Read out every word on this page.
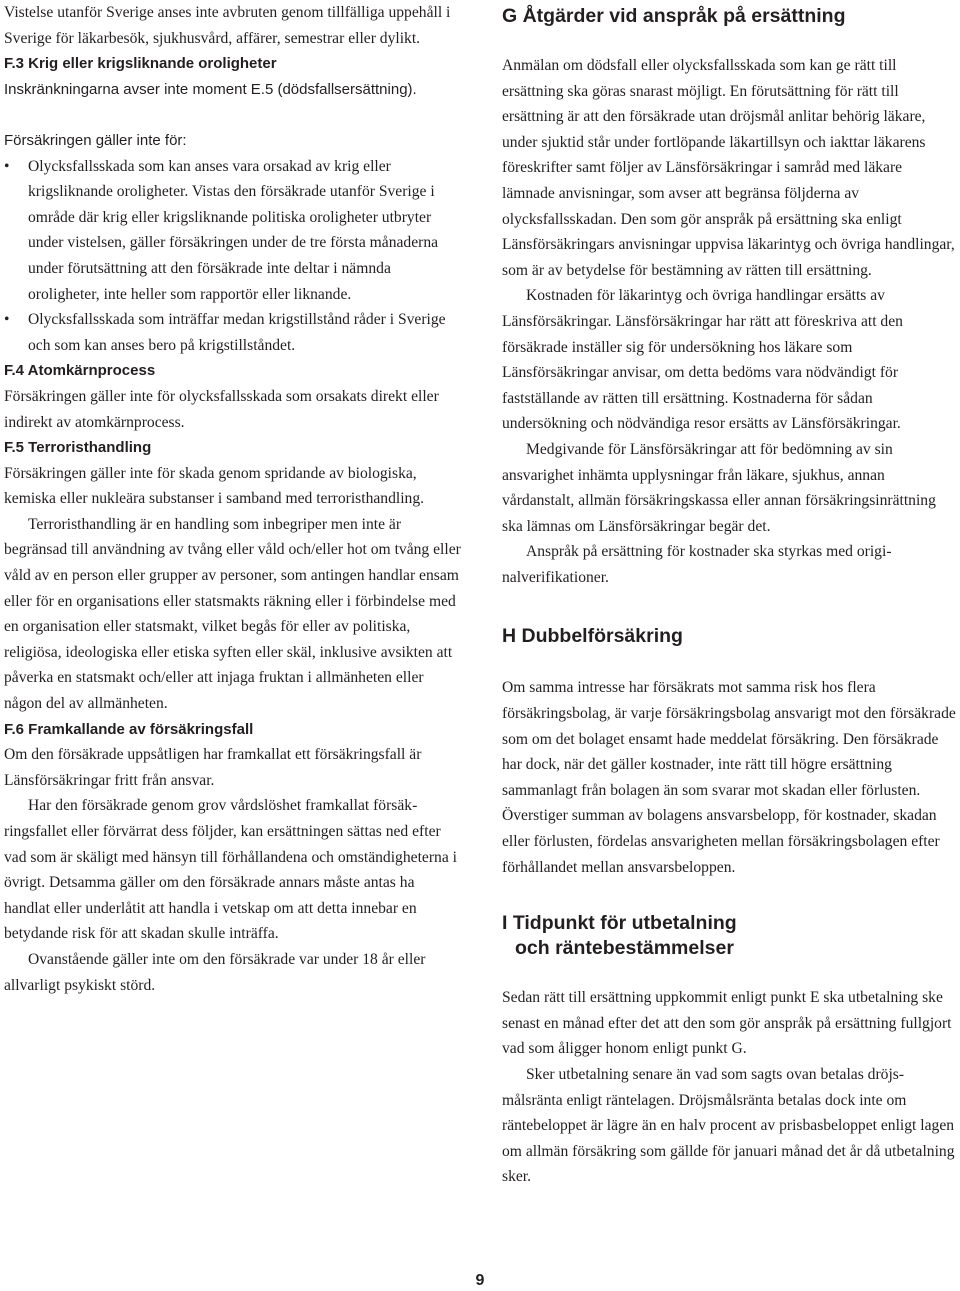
Vistelse utanför Sverige anses inte avbruten genom tillfälliga uppehåll i Sverige för läkarbesök, sjukhusvård, affärer, semestrar eller dylikt.

F.3 Krig eller krigsliknande oroligheter

Inskränkningarna avser inte moment E.5 (dödsfallsersättning).

Försäkringen gäller inte för:

• Olycksfallsskada som kan anses vara orsakad av krig eller krigsliknande oroligheter. Vistas den försäkrade utanför Sverige i område där krig eller krigsliknande politiska oroligheter utbryter under vistelsen, gäller försäkringen under de tre första månaderna under förutsättning att den försäkrade inte deltar i nämnda oroligheter, inte heller som rapportör eller liknande.
• Olycksfallsskada som inträffar medan krigstillstånd råder i Sverige och som kan anses bero på krigstillståndet.
F.4 Atomkärnprocess

Försäkringen gäller inte för olycksfallsskada som orsakats direkt eller indirekt av atomkärnprocess.

F.5 Terroristhandling

Försäkringen gäller inte för skada genom spridande av biologiska, kemiska eller nukleära substanser i samband med terroristhandling.

Terroristhandling är en handling som inbegriper men inte är begränsad till användning av tvång eller våld och/eller hot om tvång eller våld av en person eller grupper av personer, som antingen handlar ensam eller för en organisations eller statsmakts räkning eller i förbindelse med en organisation eller statsmakt, vilket begås för eller av politiska, religiösa, ideologiska eller etiska syften eller skäl, inklusive avsikten att påverka en statsmakt och/eller att injaga fruktan i allmänheten eller någon del av allmänheten.

F.6 Framkallande av försäkringsfall

Om den försäkrade uppsåtligen har framkallat ett försäkringsfall är Länsförsäkringar fritt från ansvar.

Har den försäkrade genom grov vårdslöshet framkallat försäkringsfallet eller förvärrat dess följder, kan ersättningen sättas ned efter vad som är skäligt med hänsyn till förhållandena och omständigheterna i övrigt. Detsamma gäller om den försäkrade annars måste antas ha handlat eller underlåtit att handla i vetskap om att detta innebar en betydande risk för att skadan skulle inträffa.

Ovanstående gäller inte om den försäkrade var under 18 år eller allvarligt psykiskt störd.

G Åtgärder vid anspråk på ersättning

Anmälan om dödsfall eller olycksfallsskada som kan ge rätt till ersättning ska göras snarast möjligt. En förutsättning för rätt till ersättning är att den försäkrade utan dröjsmål anlitar behörig läkare, under sjuktid står under fortlöpande läkartillsyn och iakttar läkarens föreskrifter samt följer av Länsförsäkringar i samråd med läkare lämnade anvisningar, som avser att begränsa följderna av olycksfallsskadan. Den som gör anspråk på ersättning ska enligt Länsförsäkringars anvisningar uppvisa läkarintyg och övriga handlingar, som är av betydelse för bestämning av rätten till ersättning.

Kostnaden för läkarintyg och övriga handlingar ersätts av Länsförsäkringar. Länsförsäkringar har rätt att föreskriva att den försäkrade inställer sig för undersökning hos läkare som Länsförsäkringar anvisar, om detta bedöms vara nödvändigt för fastställande av rätten till ersättning. Kostnaderna för sådan undersökning och nödvändiga resor ersätts av Länsförsäkringar.

Medgivande för Länsförsäkringar att för bedömning av sin ansvarighet inhämta upplysningar från läkare, sjukhus, annan vårdanstalt, allmän försäkringskassa eller annan försäkringsinrättning ska lämnas om Länsförsäkringar begär det.

Anspråk på ersättning för kostnader ska styrkas med originalverifikationer.

H Dubbelförsäkring

Om samma intresse har försäkrats mot samma risk hos flera försäkringsbolag, är varje försäkringsbolag ansvarigt mot den försäkrade som om det bolaget ensamt hade meddelat försäkring. Den försäkrade har dock, när det gäller kostnader, inte rätt till högre ersättning sammanlagt från bolagen än som svarar mot skadan eller förlusten. Överstiger summan av bolagens ansvarsbelopp, för kostnader, skadan eller förlusten, fördelas ansvarigheten mellan försäkringsbolagen efter förhållandet mellan ansvarsbeloppen.

I Tidpunkt för utbetalning
och räntebestämmelser

Sedan rätt till ersättning uppkommit enligt punkt E ska utbetalning ske senast en månad efter det att den som gör anspråk på ersättning fullgjort vad som åligger honom enligt punkt G.

Sker utbetalning senare än vad som sagts ovan betalas dröjsmålsränta enligt räntelagen. Dröjsmålsränta betalas dock inte om räntebeloppet är lägre än en halv procent av prisbasbeloppet enligt lagen om allmän försäkring som gällde för januari månad det år då utbetalning sker.

9
